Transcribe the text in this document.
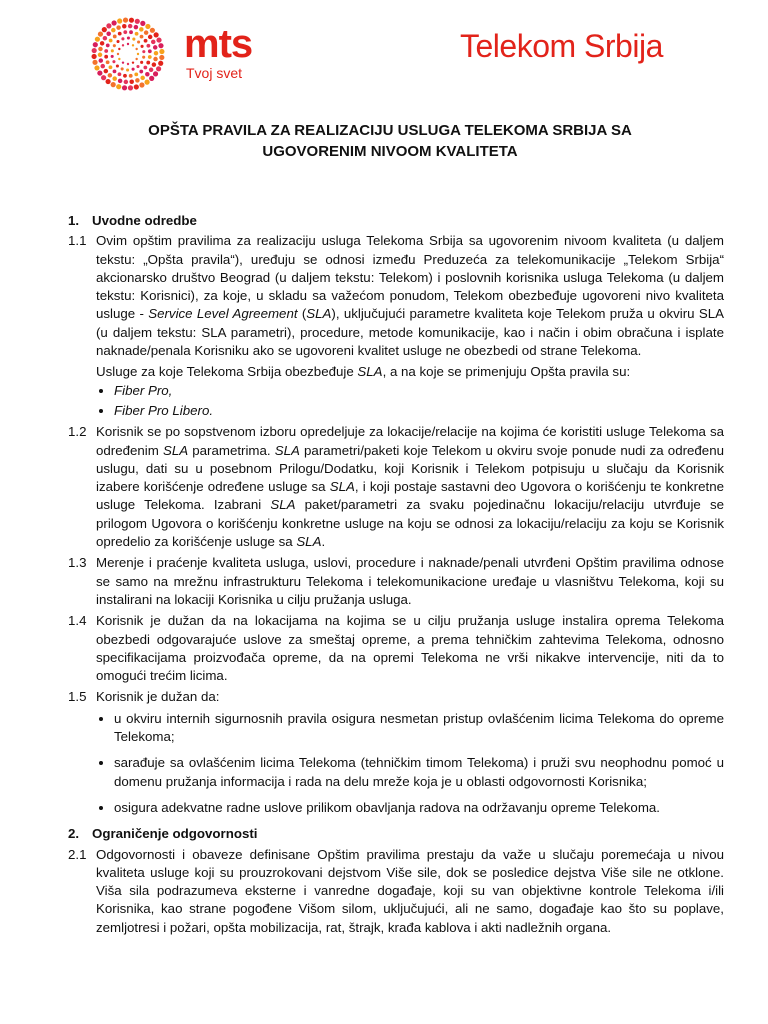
mts
Tvoj svet
Telekom Srbija
OPŠTA PRAVILA ZA REALIZACIJU USLUGA TELEKOMA SRBIJA SA
UGOVORENIM NIVOOM KVALITETA
1. Uvodne odredbe
1.1 Ovim opštim pravilima za realizaciju usluga Telekoma Srbija sa ugovorenim nivoom kvaliteta (u daljem tekstu: „Opšta pravila“), uređuju se odnosi između Preduzeća za telekomunikacije „Telekom Srbija“ akcionarsko društvo Beograd (u daljem tekstu: Telekom) i poslovnih korisnika usluga Telekoma (u daljem tekstu: Korisnici), za koje, u skladu sa važećom ponudom, Telekom obezbeđuje ugovoreni nivo kvaliteta usluge - Service Level Agreement (SLA), uključujući parametre kvaliteta koje Telekom pruža u okviru SLA (u daljem tekstu: SLA parametri), procedure, metode komunikacije, kao i način i obim obračuna i isplate naknade/penala Korisniku ako se ugovoreni kvalitet usluge ne obezbedi od strane Telekoma.
Usluge za koje Telekoma Srbija obezbeđuje SLA, a na koje se primenjuju Opšta pravila su:
• Fiber Pro,
• Fiber Pro Libero.
1.2 Korisnik se po sopstvenom izboru opredeljuje za lokacije/relacije na kojima će koristiti usluge Telekoma sa određenim SLA parametrima. SLA parametri/paketi koje Telekom u okviru svoje ponude nudi za određenu uslugu, dati su u posebnom Prilogu/Dodatku, koji Korisnik i Telekom potpisuju u slučaju da Korisnik izabere korišćenje određene usluge sa SLA, i koji postaje sastavni deo Ugovora o korišćenju te konkretne usluge Telekoma. Izabrani SLA paket/parametri za svaku pojedinačnu lokaciju/relaciju utvrđuje se prilogom Ugovora o korišćenju konkretne usluge na koju se odnosi za lokaciju/relaciju za koju se Korisnik opredelio za korišćenje usluge sa SLA.
1.3 Merenje i praćenje kvaliteta usluga, uslovi, procedure i naknade/penali utvrđeni Opštim pravilima odnose se samo na mrežnu infrastrukturu Telekoma i telekomunikacione uređaje u vlasništvu Telekoma, koji su instalirani na lokaciji Korisnika u cilju pružanja usluga.
1.4 Korisnik je dužan da na lokacijama na kojima se u cilju pružanja usluge instalira oprema Telekoma obezbedi odgovarajuće uslove za smeštaj opreme, a prema tehničkim zahtevima Telekoma, odnosno specifikacijama proizvođača opreme, da na opremi Telekoma ne vrši nikakve intervencije, niti da to omogući trećim licima.
1.5 Korisnik je dužan da:
• u okviru internih sigurnosnih pravila osigura nesmetan pristup ovlašćenim licima Telekoma do opreme Telekoma;
• sarađuje sa ovlašćenim licima Telekoma (tehničkim timom Telekoma) i pruži svu neophodnu pomoć u domenu pružanja informacija i rada na delu mreže koja je u oblasti odgovornosti Korisnika;
• osigura adekvatne radne uslove prilikom obavljanja radova na održavanju opreme Telekoma.
2. Ograničenje odgovornosti
2.1 Odgovornosti i obaveze definisane Opštim pravilima prestaju da važe u slučaju poremećaja u nivou kvaliteta usluge koji su prouzrokovani dejstvom Više sile, dok se posledice dejstva Više sile ne otklone. Viša sila podrazumeva eksterne i vanredne događaje, koji su van objektivne kontrole Telekoma i/ili Korisnika, kao strane pogođene Višom silom, uključujući, ali ne samo, događaje kao što su poplave, zemljotresi i požari, opšta mobilizacija, rat, štrajk, krađa kablova i akti nadležnih organa.
